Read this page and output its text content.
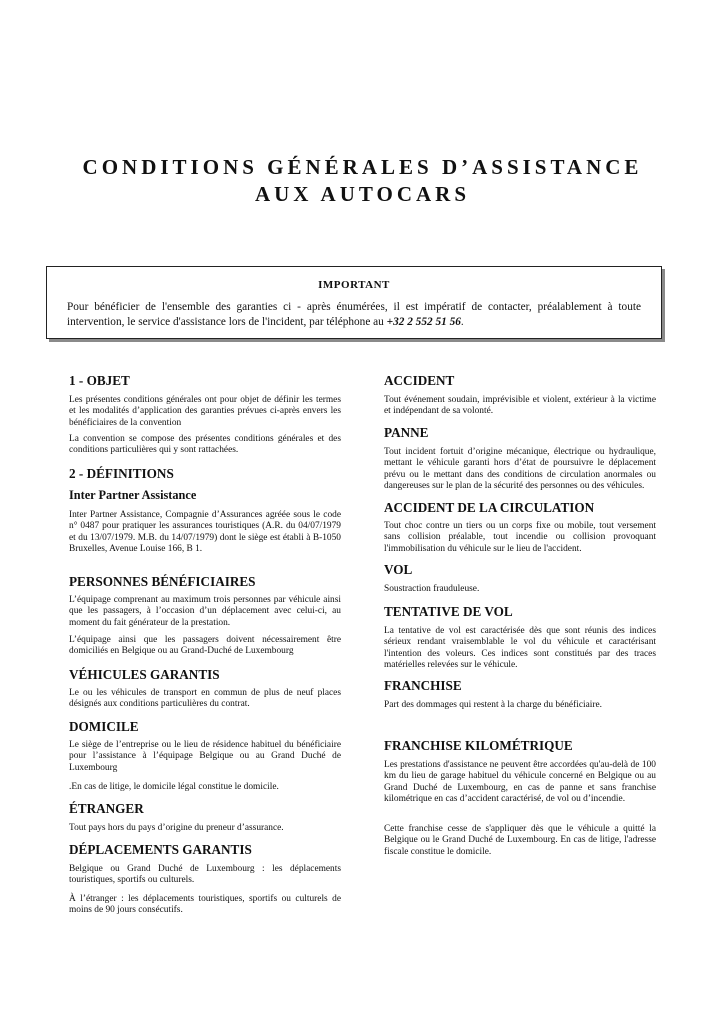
CONDITIONS GÉNÉRALES D’ASSISTANCE
AUX AUTOCARS
IMPORTANT
Pour bénéficier de l'ensemble des garanties ci - après énumérées, il est impératif de contacter, préalablement à toute intervention, le service d'assistance lors de l'incident, par téléphone au +32 2 552 51 56.
1 - OBJET
Les présentes conditions générales ont pour objet de définir les termes et les modalités d’application des garanties prévues ci-après envers les bénéficiaires de la convention
La convention se compose des présentes conditions générales et des conditions particulières qui y sont rattachées.
2 - DÉFINITIONS
Inter Partner Assistance
Inter Partner Assistance, Compagnie d’Assurances agréée sous le code n° 0487 pour pratiquer les assurances touristiques (A.R. du 04/07/1979 et du 13/07/1979. M.B. du 14/07/1979) dont le siège est établi à B-1050 Bruxelles, Avenue Louise 166, B 1.
PERSONNES BÉNÉFICIAIRES
L’équipage comprenant au maximum trois personnes par véhicule ainsi que les passagers, à l’occasion d’un déplacement avec celui-ci, au moment du fait générateur de la prestation.
L’équipage ainsi que les passagers doivent nécessairement être domiciliés en Belgique ou au Grand-Duché de Luxembourg
VÉHICULES GARANTIS
Le ou les véhicules de transport en commun de plus de neuf places désignés aux conditions particulières du contrat.
DOMICILE
Le siège de l’entreprise ou le lieu de résidence habituel du bénéficiaire pour l’assistance à l’équipage Belgique ou au Grand Duché de Luxembourg
.En cas de litige, le domicile légal constitue le domicile.
ÉTRANGER
Tout pays hors du pays d’origine du preneur d’assurance.
DÉPLACEMENTS GARANTIS
Belgique ou Grand Duché de Luxembourg : les déplacements touristiques, sportifs ou culturels.
À l’étranger : les déplacements touristiques, sportifs ou culturels de moins de 90 jours consécutifs.
ACCIDENT
Tout événement soudain, imprévisible et violent, extérieur à la victime et indépendant de sa volonté.
PANNE
Tout incident fortuit d’origine mécanique, électrique ou hydraulique, mettant le véhicule garanti hors d’état de poursuivre le déplacement prévu ou le mettant dans des conditions de circulation anormales ou dangereuses sur le plan de la sécurité des personnes ou des véhicules.
ACCIDENT DE LA CIRCULATION
Tout choc contre un tiers ou un corps fixe ou mobile, tout versement sans collision préalable, tout incendie ou collision provoquant l'immobilisation du véhicule sur le lieu de l'accident.
VOL
Soustraction frauduleuse.
TENTATIVE DE VOL
La tentative de vol est caractérisée dès que sont réunis des indices sérieux rendant vraisemblable le vol du véhicule et caractérisant l'intention des voleurs. Ces indices sont constitués par des traces matérielles relevées sur le véhicule.
FRANCHISE
Part des dommages qui restent à la charge du bénéficiaire.
FRANCHISE KILOMÉTRIQUE
Les prestations d'assistance ne peuvent être accordées qu'au-delà de 100 km du lieu de garage habituel du véhicule concerné en Belgique ou au Grand Duché de Luxembourg, en cas de panne et sans franchise kilométrique en cas d’accident caractérisé, de vol ou d’incendie.
Cette franchise cesse de s'appliquer dès que le véhicule a quitté la Belgique ou le Grand Duché de Luxembourg. En cas de litige, l'adresse fiscale constitue le domicile.
